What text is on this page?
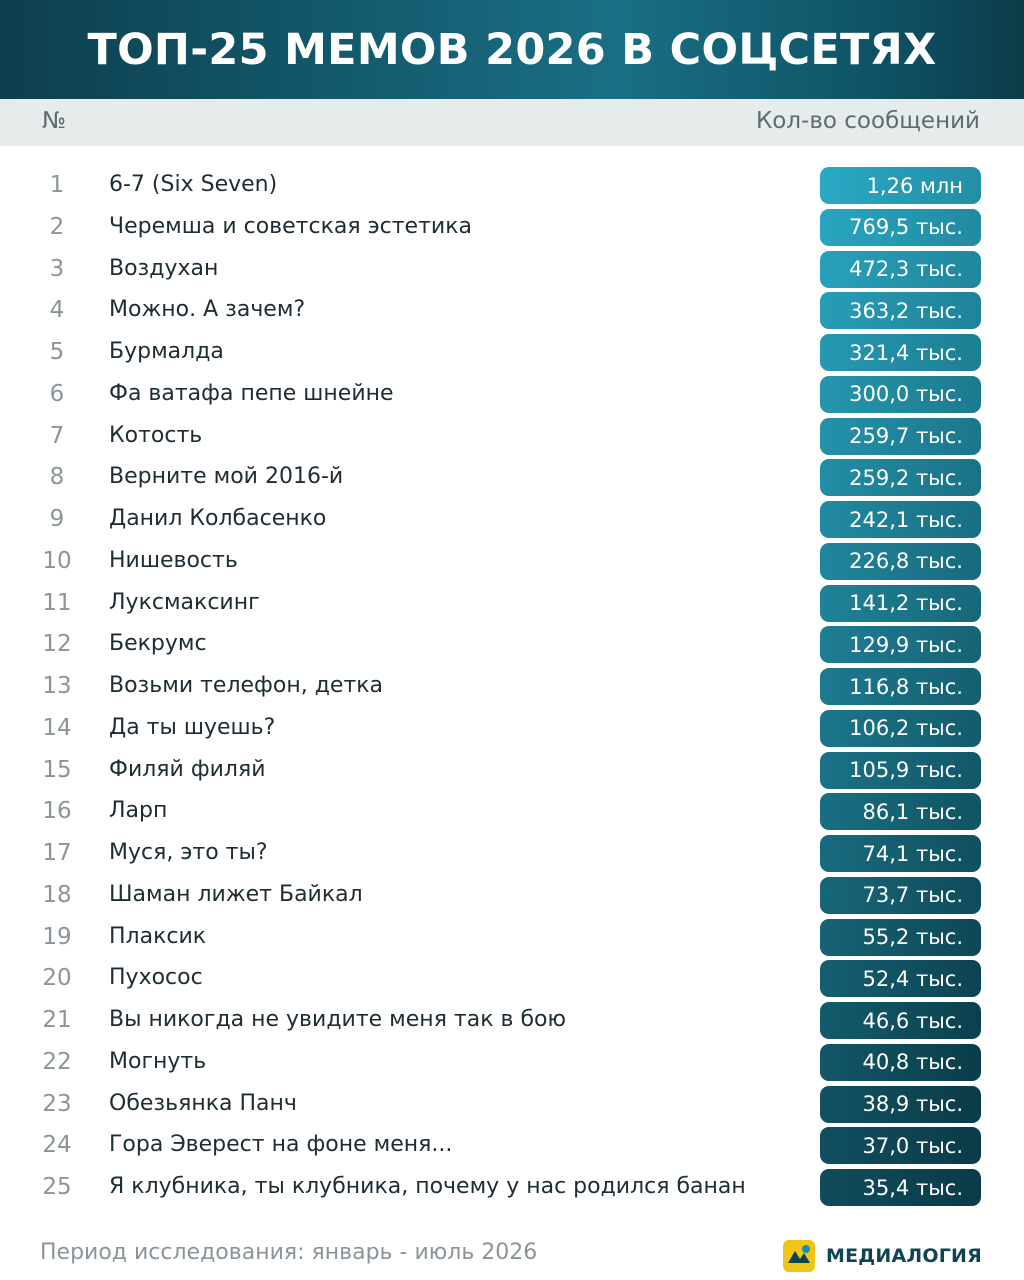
ТОП-25 МЕМОВ 2026 В СОЦСЕТЯХ
№	Кол-во сообщений
1	6-7 (Six Seven)	1,26 млн
2	Черемша и советская эстетика	769,5 тыс.
3	Воздухан	472,3 тыс.
4	Можно. А зачем?	363,2 тыс.
5	Бурмалда	321,4 тыс.
6	Фа ватафа пепе шнейне	300,0 тыс.
7	Котость	259,7 тыс.
8	Верните мой 2016-й	259,2 тыс.
9	Данил Колбасенко	242,1 тыс.
10	Нишевость	226,8 тыс.
11	Луксмаксинг	141,2 тыс.
12	Бекрумс	129,9 тыс.
13	Возьми телефон, детка	116,8 тыс.
14	Да ты шуешь?	106,2 тыс.
15	Филяй филяй	105,9 тыс.
16	Ларп	86,1 тыс.
17	Муся, это ты?	74,1 тыс.
18	Шаман лижет Байкал	73,7 тыс.
19	Плаксик	55,2 тыс.
20	Пухосос	52,4 тыс.
21	Вы никогда не увидите меня так в бою	46,6 тыс.
22	Могнуть	40,8 тыс.
23	Обезьянка Панч	38,9 тыс.
24	Гора Эверест на фоне меня...	37,0 тыс.
25	Я клубника, ты клубника, почему у нас родился банан	35,4 тыс.
Период исследования: январь - июль 2026	МЕДИАЛОГИЯ
